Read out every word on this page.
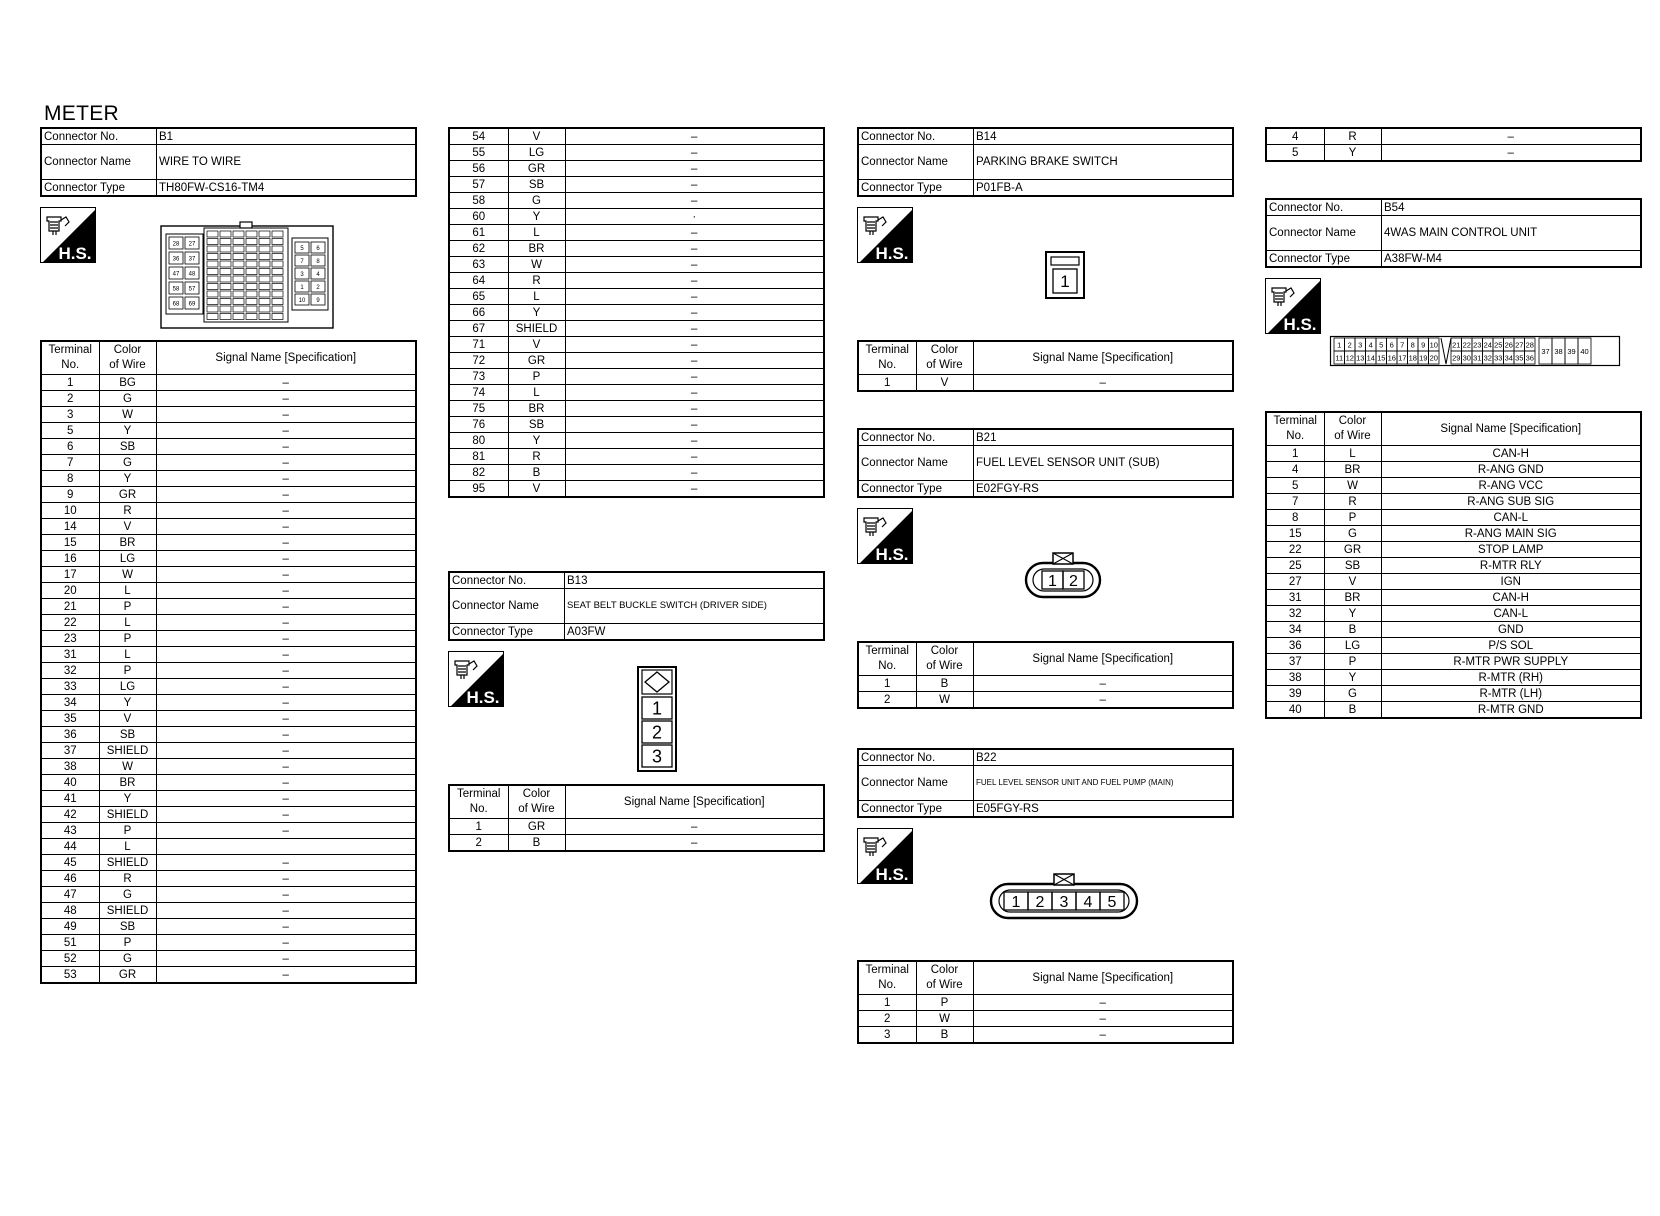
METER
Connector No.	B1
Connector Name	WIRE TO WIRE
Connector Type	TH80FW-CS16-TM4
H.S.	28 27
36 37
47 48
58 57
68 69
5 6
7 8
3 4
1 2
10 9
Terminal
No.	Color
of Wire	Signal Name [Specification]
1	BG	–
2	G	–
3	W	–
5	Y	–
6	SB	–
7	G	–
8	Y	–
9	GR	–
10	R	–
14	V	–
15	BR	–
16	LG	–
17	W	–
20	L	–
21	P	–
22	L	–
23	P	–
31	L	–
32	P	–
33	LG	–
34	Y	–
35	V	–
36	SB	–
37	SHIELD	–
38	W	–
40	BR	–
41	Y	–
42	SHIELD	–
43	P	–
44	L	
45	SHIELD	–
46	R	–
47	G	–
48	SHIELD	–
49	SB	–
51	P	–
52	G	–
53	GR	–
54	V	–
55	LG	–
56	GR	–
57	SB	–
58	G	–
60	Y	·
61	L	–
62	BR	–
63	W	–
64	R	–
65	L	–
66	Y	–
67	SHIELD	–
71	V	–
72	GR	–
73	P	–
74	L	–
75	BR	–
76	SB	–
80	Y	–
81	R	–
82	B	–
95	V	–
Connector No.	B13
Connector Name	SEAT BELT BUCKLE SWITCH (DRIVER SIDE)
Connector Type	A03FW
H.S.
1
2
3
Terminal
No.	Color
of Wire	Signal Name [Specification]
1	GR	–
2	B	–
Connector No.	B14
Connector Name	PARKING BRAKE SWITCH
Connector Type	P01FB-A
H.S.
1
Terminal
No.	Color
of Wire	Signal Name [Specification]
1	V	–
Connector No.	B21
Connector Name	FUEL LEVEL SENSOR UNIT (SUB)
Connector Type	E02FGY-RS
H.S.
1 2
Terminal
No.	Color
of Wire	Signal Name [Specification]
1	B	–
2	W	–
Connector No.	B22
Connector Name	FUEL LEVEL SENSOR UNIT AND FUEL PUMP (MAIN)
Connector Type	E05FGY-RS
H.S.
1 2 3 4 5
Terminal
No.	Color
of Wire	Signal Name [Specification]
1	P	–
2	W	–
3	B	–
4	R	–
5	Y	–
Connector No.	B54
Connector Name	4WAS MAIN CONTROL UNIT
Connector Type	A38FW-M4
H.S.
1 2 3 4 5 6 7 8 9 10 21 22 23 24 25 26 27 28
11 12 13 14 15 16 17 18 19 20 29 30 31 32 33 34 35 36
37 38 39 40
Terminal
No.	Color
of Wire	Signal Name [Specification]
1	L	CAN-H
4	BR	R-ANG GND
5	W	R-ANG VCC
7	R	R-ANG SUB SIG
8	P	CAN-L
15	G	R-ANG MAIN SIG
22	GR	STOP LAMP
25	SB	R-MTR RLY
27	V	IGN
31	BR	CAN-H
32	Y	CAN-L
34	B	GND
36	LG	P/S SOL
37	P	R-MTR PWR SUPPLY
38	Y	R-MTR (RH)
39	G	R-MTR (LH)
40	B	R-MTR GND
